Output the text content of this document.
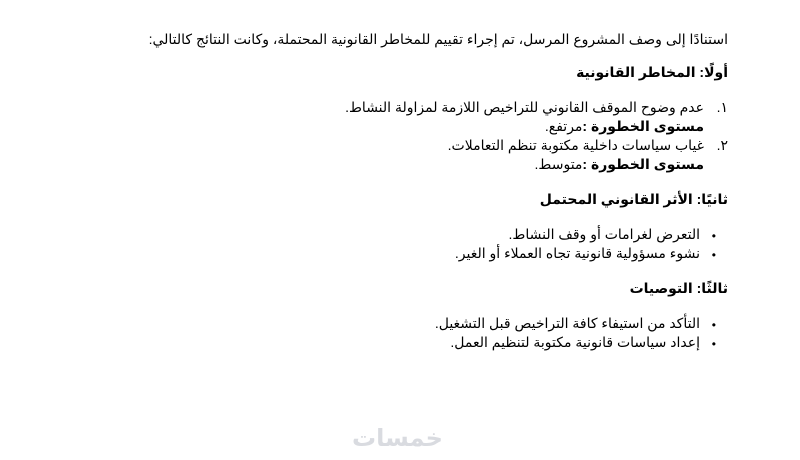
استنادًا إلى وصف المشروع المرسل، تم إجراء تقييم للمخاطر القانونية المحتملة، وكانت النتائج كالتالي:

أولًا: المخاطر القانونية
١.
عدم وضوح الموقف القانوني للتراخيص اللازمة لمزاولة النشاط.
مستوى الخطورة :مرتفع.
٢.
غياب سياسات داخلية مكتوبة تنظم التعاملات.
مستوى الخطورة :متوسط.
ثانيًا: الأثر القانوني المحتمل
• التعرض لغرامات أو وقف النشاط.
• نشوء مسؤولية قانونية تجاه العملاء أو الغير.
ثالثًا: التوصيات
• التأكد من استيفاء كافة التراخيص قبل التشغيل.
• إعداد سياسات قانونية مكتوبة لتنظيم العمل.
خمسات
